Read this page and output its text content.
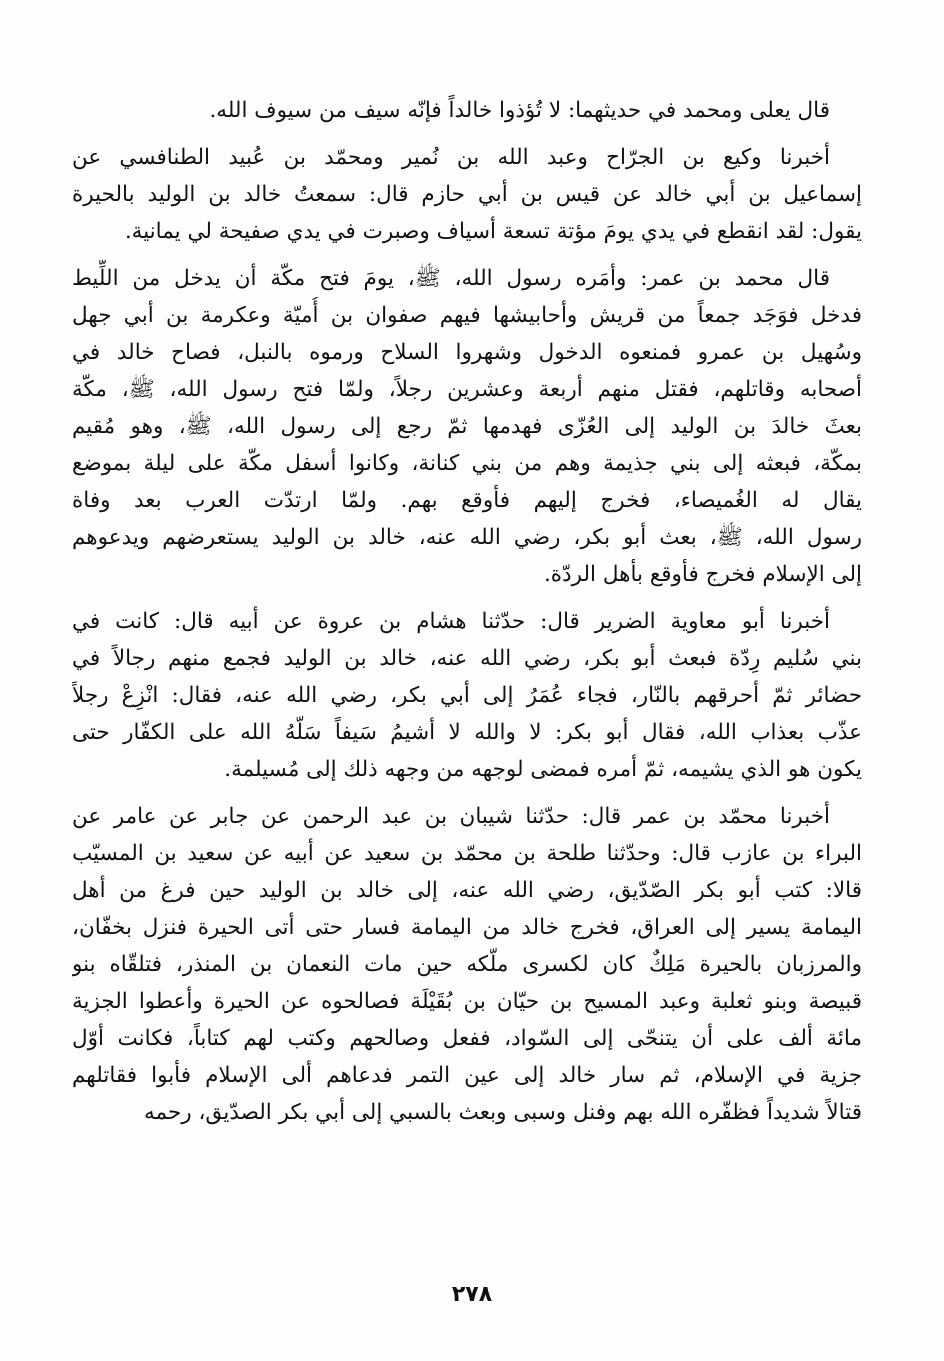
قال يعلى ومحمد في حديثهما: لا تُؤذوا خالداً فإنّه سيف من سيوف الله.
أخبرنا وكيع بن الجرّاح وعبد الله بن نُمير ومحمّد بن عُبيد الطنافسي عن
إسماعيل بن أبي خالد عن قيس بن أبي حازم قال: سمعتُ خالد بن الوليد بالحيرة
يقول: لقد انقطع في يدي يومَ مؤتة تسعة أسياف وصبرت في يدي صفيحة لي يمانية.
قال محمد بن عمر: وأمَره رسول الله، ﷺ، يومَ فتح مكّة أن يدخل من اللِّيط
فدخل فوَجَد جمعاً من قريش وأحابيشها فيهم صفوان بن أُميّة وعكرمة بن أبي جهل
وسُهيل بن عمرو فمنعوه الدخول وشهروا السلاح ورموه بالنبل، فصاح خالد في
أصحابه وقاتلهم، فقتل منهم أربعة وعشرين رجلاً، ولمّا فتح رسول الله، ﷺ، مكّة
بعثَ خالدَ بن الوليد إلى العُزّى فهدمها ثمّ رجع إلى رسول الله، ﷺ، وهو مُقيم
بمكّة، فبعثه إلى بني جذيمة وهم من بني كنانة، وكانوا أسفل مكّة على ليلة بموضع
يقال له الغُميصاء، فخرج إليهم فأوقع بهم. ولمّا ارتدّت العرب بعد وفاة
رسول الله، ﷺ، بعث أبو بكر، رضي الله عنه، خالد بن الوليد يستعرضهم ويدعوهم
إلى الإسلام فخرج فأوقع بأهل الردّة.
أخبرنا أبو معاوية الضرير قال: حدّثنا هشام بن عروة عن أبيه قال: كانت في
بني سُليم رِدّة فبعث أبو بكر، رضي الله عنه، خالد بن الوليد فجمع منهم رجالاً في
حضائر ثمّ أحرقهم بالنّار، فجاء عُمَرُ إلى أبي بكر، رضي الله عنه، فقال: انْزِعْ رجلاً
عذّب بعذاب الله، فقال أبو بكر: لا والله لا أشيمُ سَيفاً سَلّهُ الله على الكفّار حتى
يكون هو الذي يشيمه، ثمّ أمره فمضى لوجهه من وجهه ذلك إلى مُسيلمة.
أخبرنا محمّد بن عمر قال: حدّثنا شيبان بن عبد الرحمن عن جابر عن عامر عن
البراء بن عازب قال: وحدّثنا طلحة بن محمّد بن سعيد عن أبيه عن سعيد بن المسيّب
قالا: كتب أبو بكر الصّدّيق، رضي الله عنه، إلى خالد بن الوليد حين فرغ من أهل
اليمامة يسير إلى العراق، فخرج خالد من اليمامة فسار حتى أتى الحيرة فنزل بخفّان،
والمرزبان بالحيرة مَلِكٌ كان لكسرى ملّكه حين مات النعمان بن المنذر، فتلقّاه بنو
قبيصة وبنو ثعلبة وعبد المسيح بن حيّان بن بُقَيْلَة فصالحوه عن الحيرة وأعطوا الجزية
مائة ألف على أن يتنحّى إلى السّواد، ففعل وصالحهم وكتب لهم كتاباً، فكانت أوّل
جزية في الإسلام، ثم سار خالد إلى عين التمر فدعاهم ألى الإسلام فأبوا فقاتلهم
قتالاً شديداً فظفّره الله بهم وفنل وسبى وبعث بالسبي إلى أبي بكر الصدّيق، رحمه
٢٧٨
